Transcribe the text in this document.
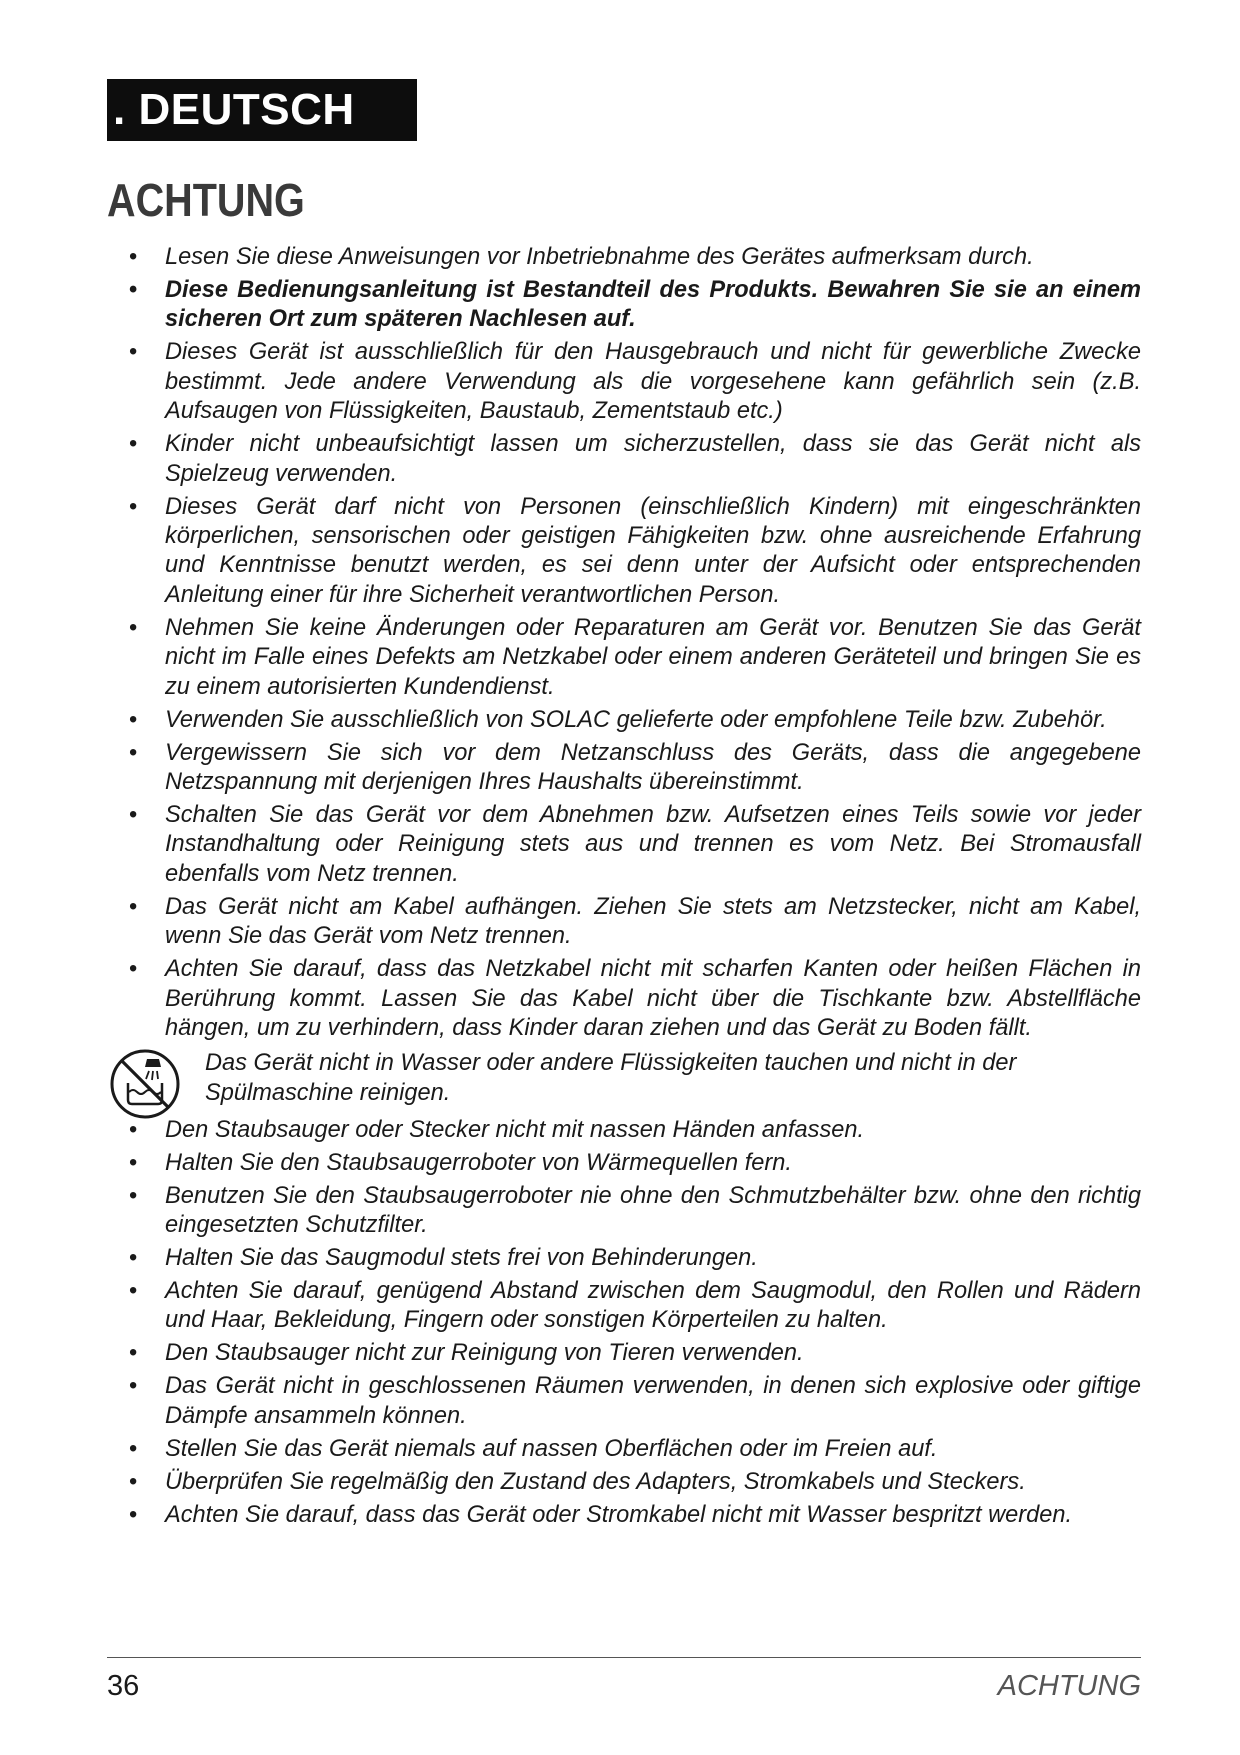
. DEUTSCH
ACHTUNG
• Lesen Sie diese Anweisungen vor Inbetriebnahme des Gerätes aufmerksam durch.
• Diese Bedienungsanleitung ist Bestandteil des Produkts. Bewahren Sie sie an einem sicheren Ort zum späteren Nachlesen auf.
• Dieses Gerät ist ausschließlich für den Hausgebrauch und nicht für gewerbliche Zwecke bestimmt. Jede andere Verwendung als die vorgesehene kann gefährlich sein (z.B. Aufsaugen von Flüssigkeiten, Baustaub, Zementstaub etc.)
• Kinder nicht unbeaufsichtigt lassen um sicherzustellen, dass sie das Gerät nicht als Spielzeug verwenden.
• Dieses Gerät darf nicht von Personen (einschließlich Kindern) mit eingeschränkten körperlichen, sensorischen oder geistigen Fähigkeiten bzw. ohne ausreichende Erfahrung und Kenntnisse benutzt werden, es sei denn unter der Aufsicht oder entsprechenden Anleitung einer für ihre Sicherheit verantwortlichen Person.
• Nehmen Sie keine Änderungen oder Reparaturen am Gerät vor. Benutzen Sie das Gerät nicht im Falle eines Defekts am Netzkabel oder einem anderen Geräteteil und bringen Sie es zu einem autorisierten Kundendienst.
• Verwenden Sie ausschließlich von SOLAC gelieferte oder empfohlene Teile bzw. Zubehör.
• Vergewissern Sie sich vor dem Netzanschluss des Geräts, dass die angegebene Netzspannung mit derjenigen Ihres Haushalts übereinstimmt.
• Schalten Sie das Gerät vor dem Abnehmen bzw. Aufsetzen eines Teils sowie vor jeder Instandhaltung oder Reinigung stets aus und trennen es vom Netz. Bei Stromausfall ebenfalls vom Netz trennen.
• Das Gerät nicht am Kabel aufhängen. Ziehen Sie stets am Netzstecker, nicht am Kabel, wenn Sie das Gerät vom Netz trennen.
• Achten Sie darauf, dass das Netzkabel nicht mit scharfen Kanten oder heißen Flächen in Berührung kommt. Lassen Sie das Kabel nicht über die Tischkante bzw. Abstellfläche hängen, um zu verhindern, dass Kinder daran ziehen und das Gerät zu Boden fällt.
Das Gerät nicht in Wasser oder andere Flüssigkeiten tauchen und nicht in der Spülmaschine reinigen.
• Den Staubsauger oder Stecker nicht mit nassen Händen anfassen.
• Halten Sie den Staubsaugerroboter von Wärmequellen fern.
• Benutzen Sie den Staubsaugerroboter nie ohne den Schmutzbehälter bzw. ohne den richtig eingesetzten Schutzfilter.
• Halten Sie das Saugmodul stets frei von Behinderungen.
• Achten Sie darauf, genügend Abstand zwischen dem Saugmodul, den Rollen und Rädern und Haar, Bekleidung, Fingern oder sonstigen Körperteilen zu halten.
• Den Staubsauger nicht zur Reinigung von Tieren verwenden.
• Das Gerät nicht in geschlossenen Räumen verwenden, in denen sich explosive oder giftige Dämpfe ansammeln können.
• Stellen Sie das Gerät niemals auf nassen Oberflächen oder im Freien auf.
• Überprüfen Sie regelmäßig den Zustand des Adapters, Stromkabels und Steckers.
• Achten Sie darauf, dass das Gerät oder Stromkabel nicht mit Wasser bespritzt werden.
36	ACHTUNG
